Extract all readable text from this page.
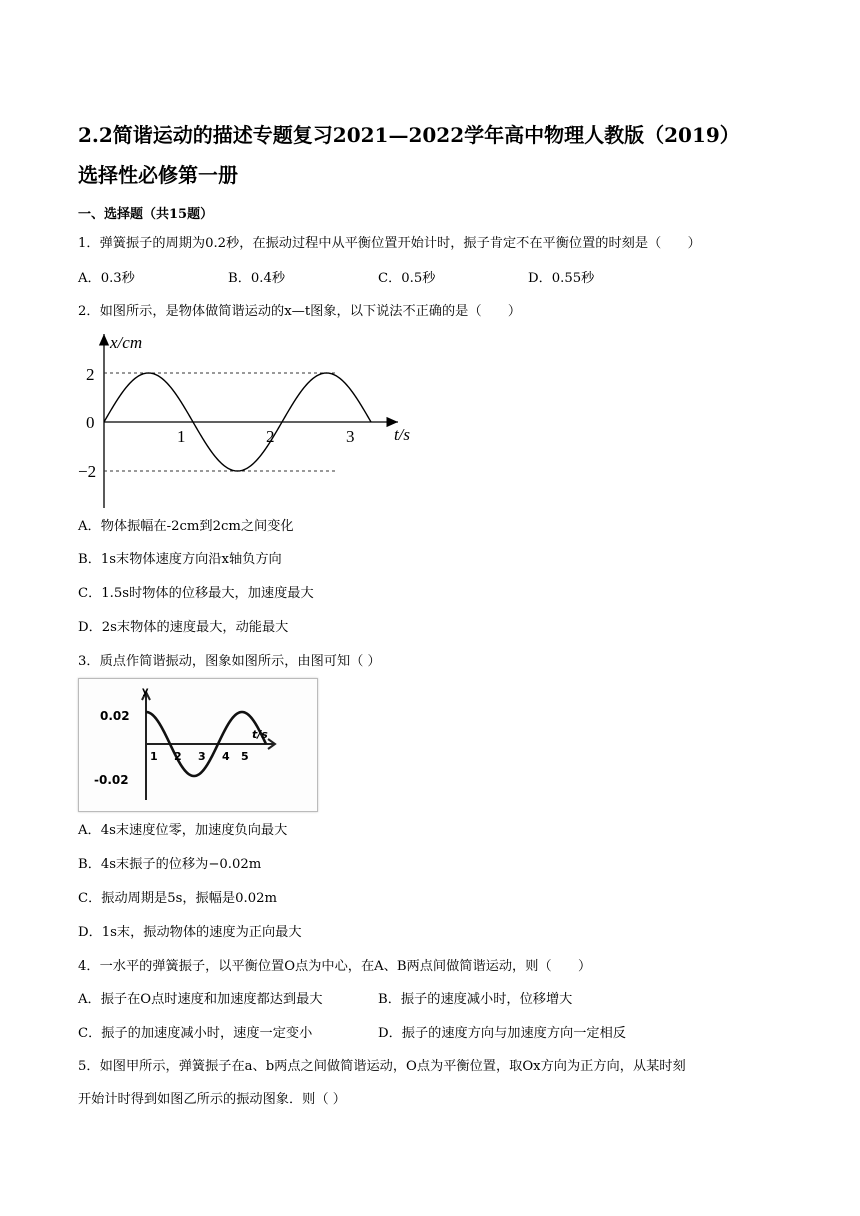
2.2简谐运动的描述专题复习2021—2022学年高中物理人教版（2019）
选择性必修第一册

一、选择题（共15题）

1．弹簧振子的周期为0.2秒，在振动过程中从平衡位置开始计时，振子肯定不在平衡位置的时刻是（　　）

A．0.3秒	B．0.4秒	C．0.5秒	D．0.55秒

2．如图所示，是物体做简谐运动的x—t图象，以下说法不正确的是（　　）

x/cm
t/s
2
0
−2
1	2	3

A．物体振幅在-2cm到2cm之间变化

B．1s末物体速度方向沿x轴负方向

C．1.5s时物体的位移最大，加速度最大

D．2s末物体的速度最大，动能最大

3．质点作简谐振动，图象如图所示，由图可知（ ）

y
t/s
0.02
-0.02
1 2 3 4 5

A．4s末速度位零，加速度负向最大

B．4s末振子的位移为−0.02m

C．振动周期是5s，振幅是0.02m

D．1s末，振动物体的速度为正向最大

4．一水平的弹簧振子，以平衡位置O点为中心，在A、B两点间做简谐运动，则（　　）

A．振子在O点时速度和加速度都达到最大	B．振子的速度减小时，位移增大
C．振子的加速度减小时，速度一定变小	D．振子的速度方向与加速度方向一定相反
5．如图甲所示，弹簧振子在a、b两点之间做简谐运动，O点为平衡位置，取Ox方向为正方向，从某时刻
开始计时得到如图乙所示的振动图象．则（ ）
